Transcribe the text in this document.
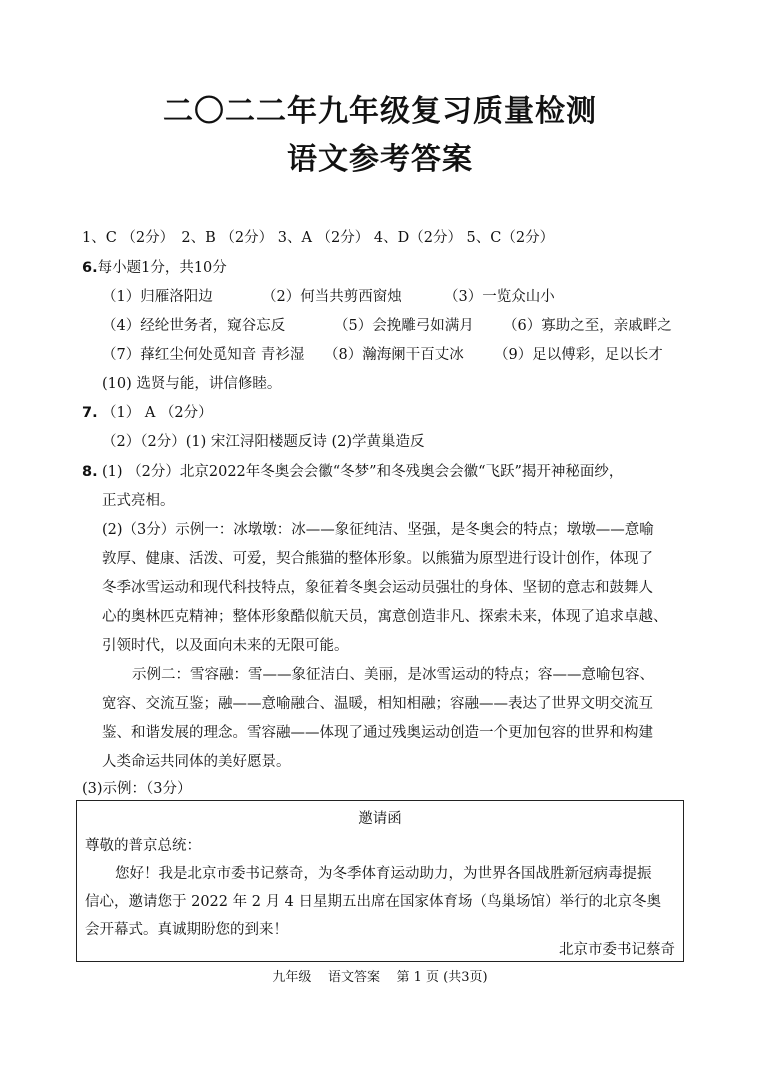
二〇二二年九年级复习质量检测
语文参考答案
1、C （2分）　2、B （2分） 3、A （2分） 4、D（2分） 5、C（2分）
6.每小题1分，共10分
（1）归雁洛阳边	（2）何当共剪西窗烛	（3）一览众山小
（4）经纶世务者，窥谷忘反	（5）会挽雕弓如满月 （6）寡助之至，亲戚畔之
（7）萚红尘何处觅知音 青衫湿 （8）瀚海阑干百丈冰 （9）足以傅彩，足以长才
(10) 选贤与能，讲信修睦。
7. （1） A （2分）
（2）（2分）(1) 宋江浔阳楼题反诗 (2)学黄巢造反
8. (1) （2分）北京2022年冬奥会会徽“冬梦”和冬残奥会会徽“飞跃”揭开神秘面纱，
正式亮相。
(2)（3分）示例一：冰墩墩：冰——象征纯洁、坚强，是冬奥会的特点；墩墩——意喻
敦厚、健康、活泼、可爱，契合熊猫的整体形象。以熊猫为原型进行设计创作，体现了
冬季冰雪运动和现代科技特点，象征着冬奥会运动员强壮的身体、坚韧的意志和鼓舞人
心的奥林匹克精神；整体形象酷似航天员，寓意创造非凡、探索未来，体现了追求卓越、
引领时代，以及面向未来的无限可能。
示例二：雪容融：雪——象征洁白、美丽，是冰雪运动的特点；容——意喻包容、
宽容、交流互鉴；融——意喻融合、温暖，相知相融；容融——表达了世界文明交流互
鉴、和谐发展的理念。雪容融——体现了通过残奥运动创造一个更加包容的世界和构建
人类命运共同体的美好愿景。
(3)示例：（3分）
邀请函
尊敬的普京总统：
您好！我是北京市委书记蔡奇，为冬季体育运动助力，为世界各国战胜新冠病毒提振
信心，邀请您于 2022 年 2 月 4 日星期五出席在国家体育场（鸟巢场馆）举行的北京冬奥
会开幕式。真诚期盼您的到来！
北京市委书记蔡奇
九年级    语文答案    第 1 页 (共3页)
